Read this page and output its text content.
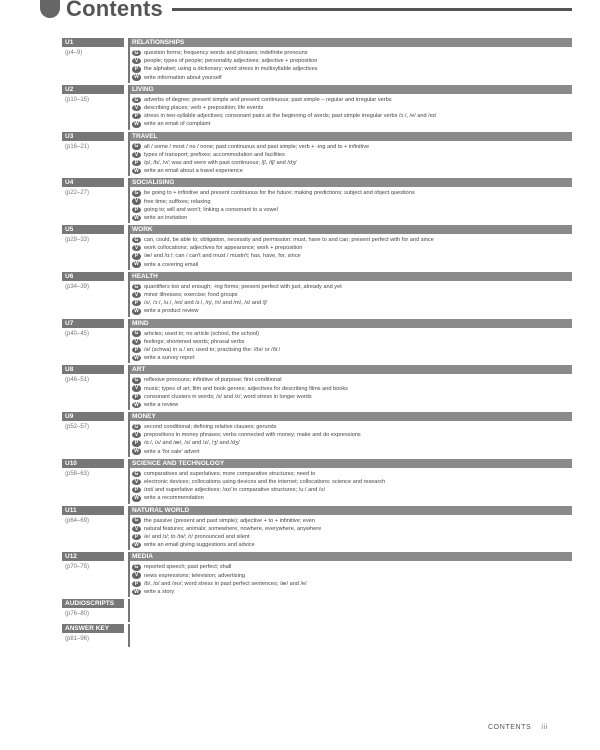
Contents
U1
(p4–9)
RELATIONSHIPS
G question forms; frequency words and phrases; indefinite pronouns
V	people; types of people; personality adjectives; adjective + preposition
P	the alphabet; using a dictionary; word stress in multisyllable adjectives
W write information about yourself
U2
(p10–15)
LIVING
G adverbs of degree; present simple and present continuous; past simple – regular and irregular verbs
V	describing places; verb + preposition; life events
P	stress in two-syllable adjectives; consonant pairs at the beginning of words; past simple irregular verbs /ɔː/, /e/ and /eɪ/
W write an email of complaint
U3
(p16–21)
TRAVEL
G all / some / most / no / none; past continuous and past simple; verb + -ing and to + infinitive
V	types of transport; prefixes; accommodation and facilities
P	/p/, /b/, /v/; was and were with past continuous; /ʃ/, /tʃ/ and /dʒ/
W write an email about a travel experience
U4
(p22–27)
SOCIALISING
G be going to + infinitive and present continuous for the future; making predictions; subject and object questions
V	free time; suffixes; relaxing
P	going to; will and won't; linking a consonant to a vowel
W write an invitation
U5
(p28–33)
WORK
G can, could, be able to; obligation, necessity and permission: must, have to and can; present perfect with for and since
V	work collocations; adjectives for appearance; work + preposition
P	/æ/ and /ɑː/; can / can't and must / mustn't; has, have, for, since
W write a covering email
U6
(p34–39)
HEALTH
G quantifiers too and enough; -ing forms; present perfect with just, already and yet
V	minor illnesses; exercise; food groups
P	/ʌ/, /ɔː/, /uː/, /eɪ/ and /ɜː/, /ŋ/, /n/ and /m/, /s/ and /ʃ/
W write a product review
U7
(p40–45)
MIND
G articles; used to; no article (school, the school)
V	feelings; shortened words; phrasal verbs
P	/ə/ (schwa) in a / an; used to; practising the: /ðə/ or /ðiː/
W write a survey report
U8
(p46–51)
ART
G reflexive pronouns; infinitive of purpose; first conditional
V	music; types of art; film and book genres; adjectives for describing films and books
P	consonant clusters in words; /s/ and /z/; word stress in longer words
W write a review
U9
(p52–57)
MONEY
G second conditional; defining relative clauses; gerunds
V	prepositions in money phrases; verbs connected with money; make and do expressions
P	/ɑː/, /ʌ/ and /æ/, /s/ and /z/, /ʒ/ and /dʒ/
W write a 'for sale' advert
U10
(p58–63)
SCIENCE AND TECHNOLOGY
G comparatives and superlatives; more comparative structures; need to
V	electronic devices; collocations using devices and the internet; collocations: science and research
P	/ɪst/ and superlative adjectives; /əz/ in comparative structures; /uː/ and /ʊ/
W write a recommendation
U11
(p64–69)
NATURAL WORLD
G the passive (present and past simple); adjective + to + infinitive; even
V	natural features; animals; somewhere, nowhere, everywhere, anywhere
P	/e/ and /ɪ/; to /tə/; /r/ pronounced and silent
W write an email giving suggestions and advice
U12
(p70–75)
MEDIA
G reported speech; past perfect; shall
V	news expressions; television; advertising
P	/b/, /ɒ/ and /əʊ/; word stress in past perfect sentences; /æ/ and /e/
W write a story
AUDIOSCRIPTS
(p76–80)
ANSWER KEY
(p81–96)
CONTENTS iii
